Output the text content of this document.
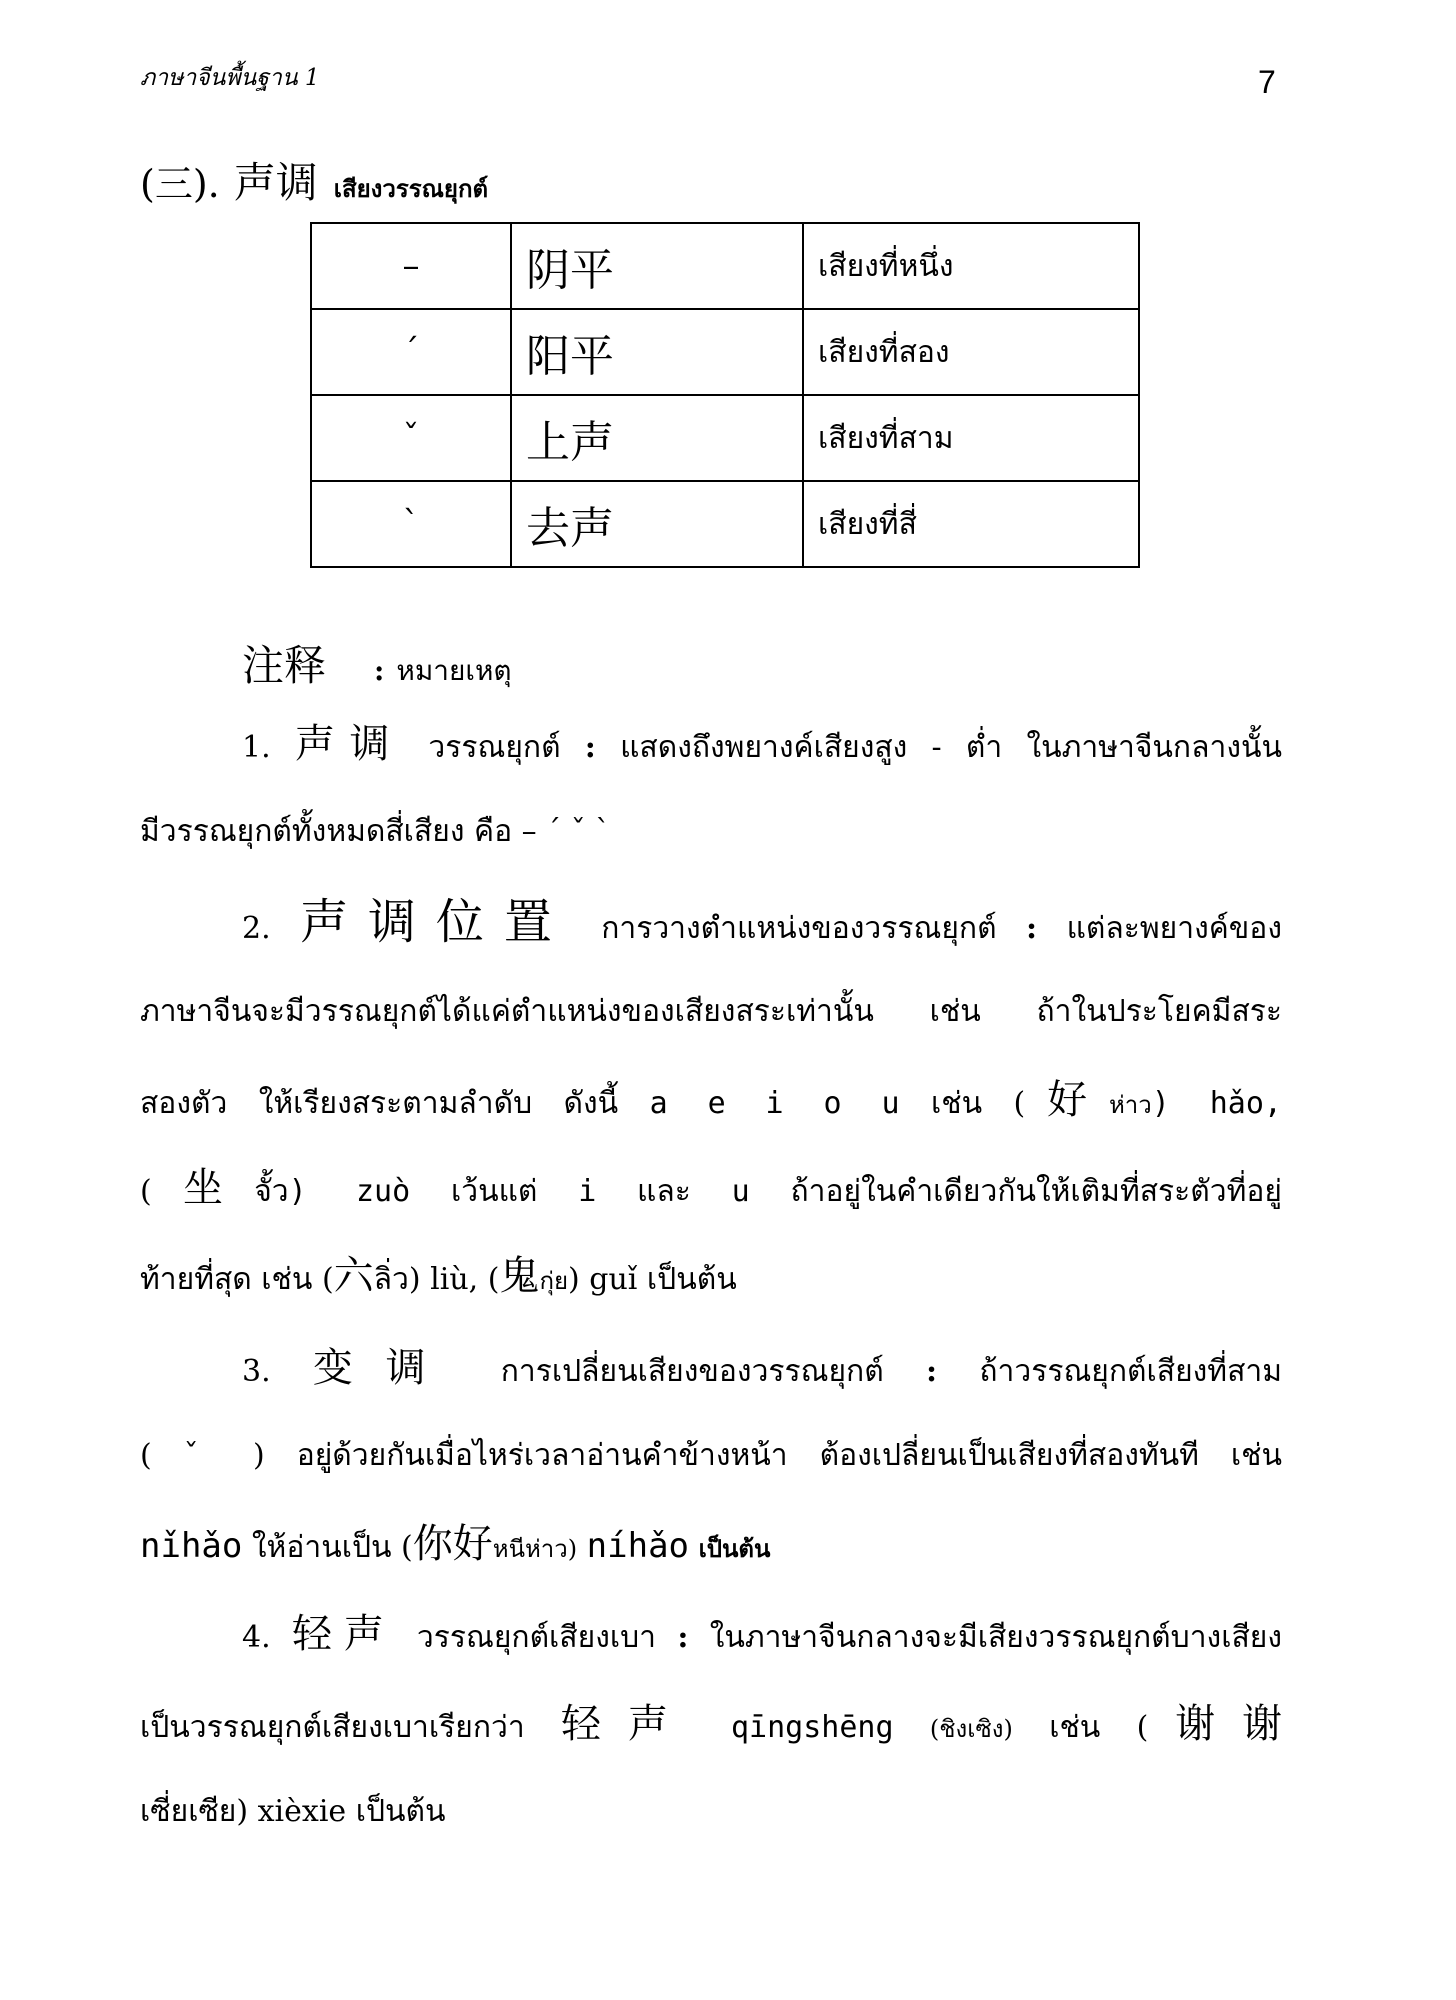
ภาษาจีนพื้นฐาน 1	7
(三). 声调 เสียงวรรณยุกต์
–	阴平	เสียงที่หนึ่ง
ˊ	阳平	เสียงที่สอง
ˇ	上声	เสียงที่สาม
ˋ	去声	เสียงที่สี่
注释 : หมายเหตุ
1. 声调 วรรณยุกต์ : แสดงถึงพยางค์เสียงสูง - ต่ำ ในภาษาจีนกลางนั้น
มีวรรณยุกต์ทั้งหมดสี่เสียง คือ – ˊ ˇ ˋ
2. 声调位置 การวางตำแหน่งของวรรณยุกต์ : แต่ละพยางค์ของ
ภาษาจีนจะมีวรรณยุกต์ได้แค่ตำแหน่งของเสียงสระเท่านั้น เช่น ถ้าในประโยคมีสระ
สองตัว ให้เรียงสระตามลำดับ ดังนี้ a e i o u เช่น (好ห่าว) hǎo,
(坐จั้ว) zuò เว้นแต่ i และ u ถ้าอยู่ในคำเดียวกันให้เติมที่สระตัวที่อยู่
ท้ายที่สุด เช่น (六ลิ่ว) liù, (鬼กุ่ย) guǐ เป็นต้น
3. 变调 การเปลี่ยนเสียงของวรรณยุกต์ : ถ้าวรรณยุกต์เสียงที่สาม
( ˇ ) อยู่ด้วยกันเมื่อไหร่เวลาอ่านคำข้างหน้า ต้องเปลี่ยนเป็นเสียงที่สองทันที เช่น
nǐhǎo ให้อ่านเป็น (你好หนีห่าว) níhǎo เป็นต้น
4. 轻声 วรรณยุกต์เสียงเบา : ในภาษาจีนกลางจะมีเสียงวรรณยุกต์บางเสียง
เป็นวรรณยุกต์เสียงเบาเรียกว่า 轻声 qīngshēng (ชิงเซิง) เช่น (谢谢
เซี่ยเซีย) xièxie เป็นต้น
